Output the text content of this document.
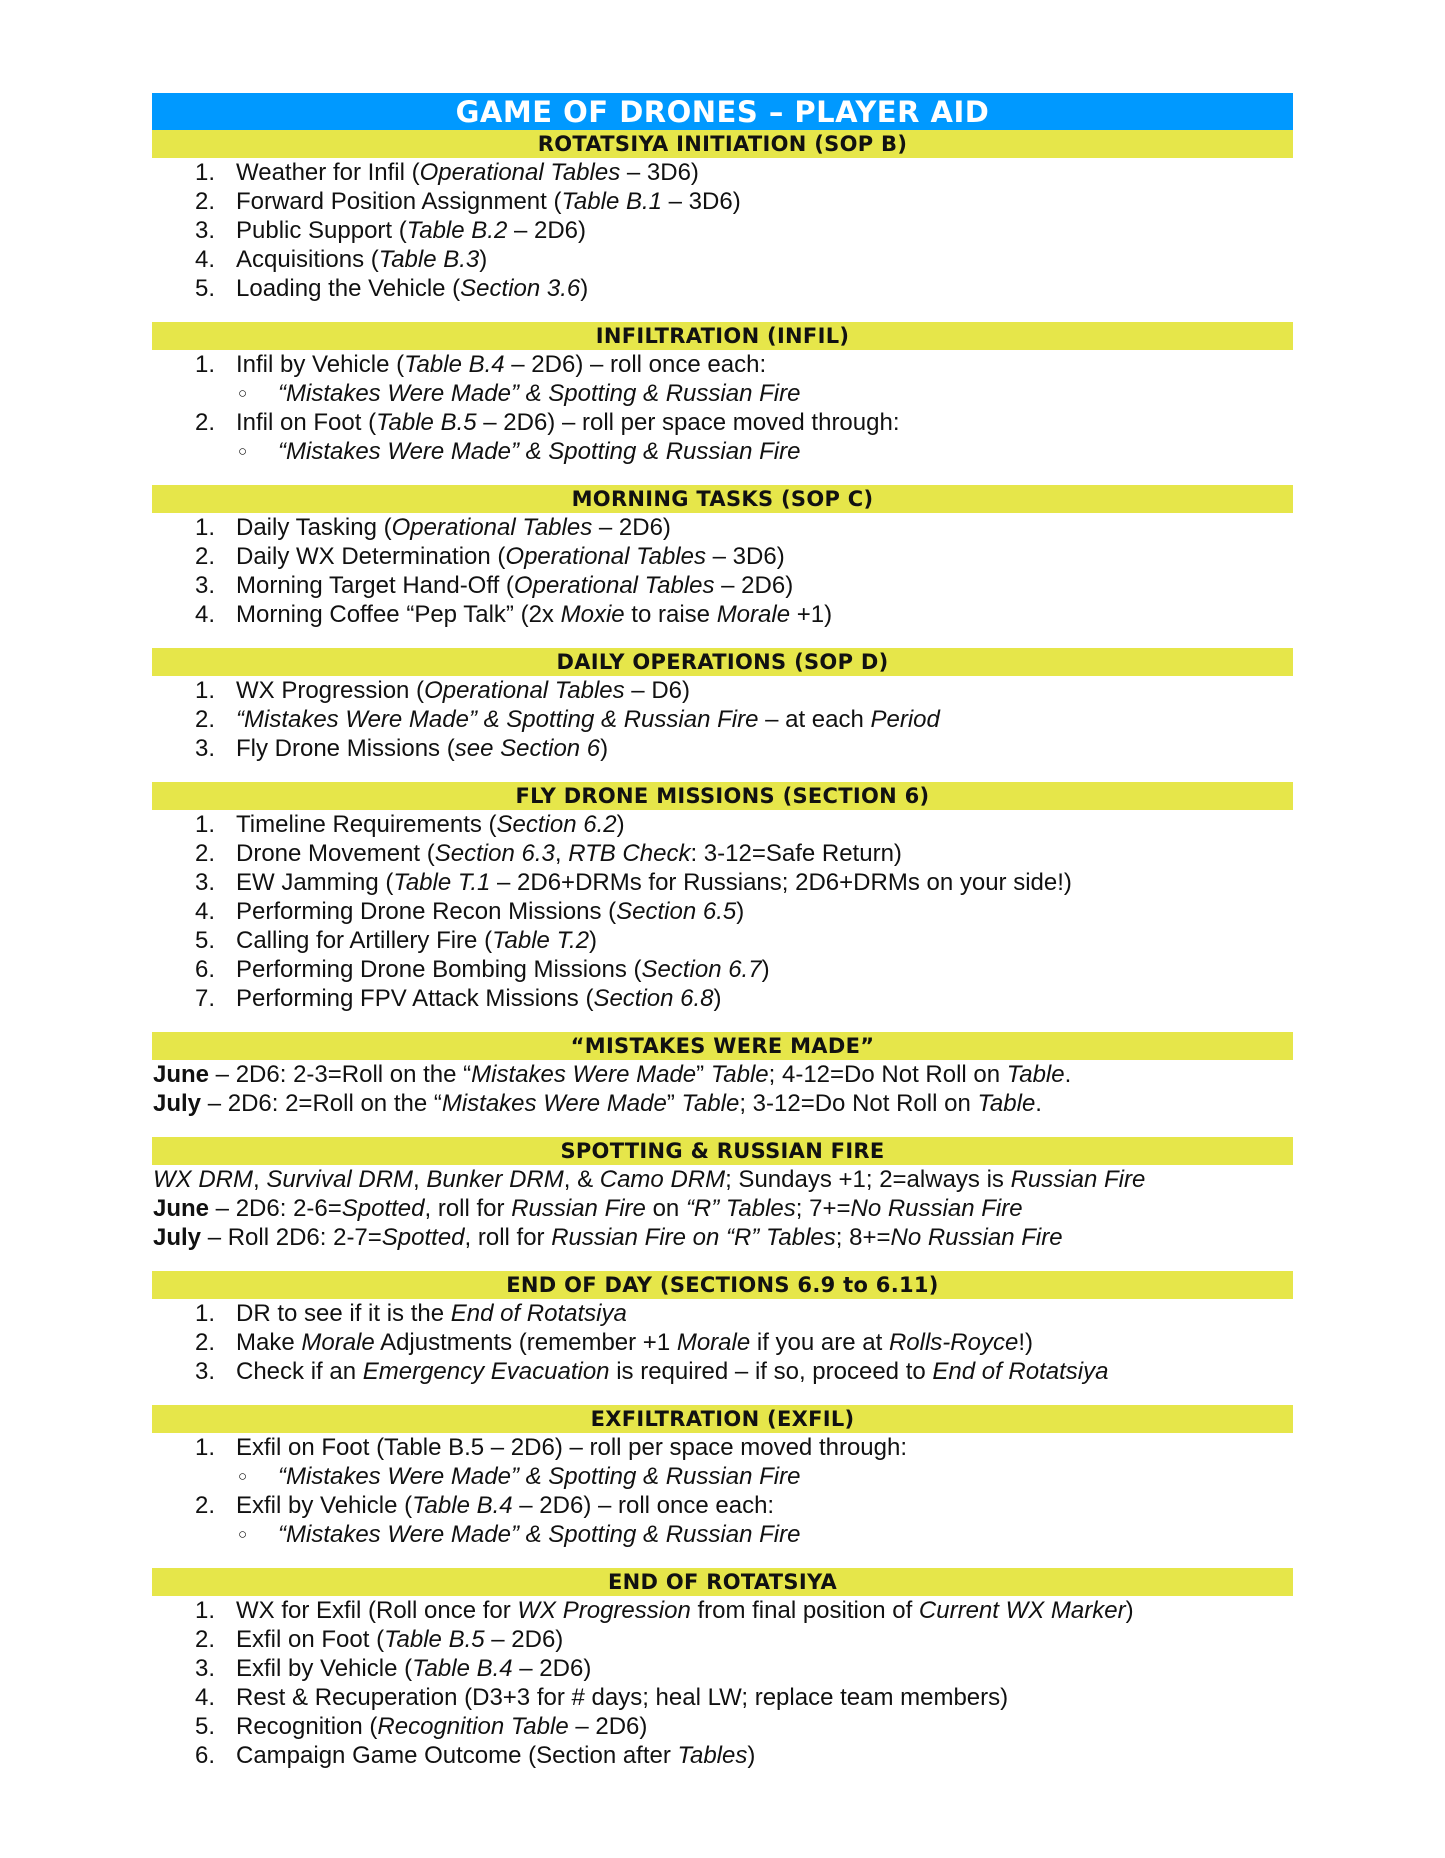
GAME OF DRONES – PLAYER AID
ROTATSIYA INITIATION (SOP B)
1. Weather for Infil (Operational Tables – 3D6)
2. Forward Position Assignment (Table B.1 – 3D6)
3. Public Support (Table B.2 – 2D6)
4. Acquisitions (Table B.3)
5. Loading the Vehicle (Section 3.6)
INFILTRATION (INFIL)
1. Infil by Vehicle (Table B.4 – 2D6) – roll once each:
○ “Mistakes Were Made” & Spotting & Russian Fire
2. Infil on Foot (Table B.5 – 2D6) – roll per space moved through:
○ “Mistakes Were Made” & Spotting & Russian Fire
MORNING TASKS (SOP C)
1. Daily Tasking (Operational Tables – 2D6)
2. Daily WX Determination (Operational Tables – 3D6)
3. Morning Target Hand-Off (Operational Tables – 2D6)
4. Morning Coffee “Pep Talk” (2x Moxie to raise Morale +1)
DAILY OPERATIONS (SOP D)
1. WX Progression (Operational Tables – D6)
2. “Mistakes Were Made” & Spotting & Russian Fire – at each Period
3. Fly Drone Missions (see Section 6)
FLY DRONE MISSIONS (SECTION 6)
1. Timeline Requirements (Section 6.2)
2. Drone Movement (Section 6.3, RTB Check: 3-12=Safe Return)
3. EW Jamming (Table T.1 – 2D6+DRMs for Russians; 2D6+DRMs on your side!)
4. Performing Drone Recon Missions (Section 6.5)
5. Calling for Artillery Fire (Table T.2)
6. Performing Drone Bombing Missions (Section 6.7)
7. Performing FPV Attack Missions (Section 6.8)
“MISTAKES WERE MADE”
June – 2D6: 2-3=Roll on the “Mistakes Were Made” Table; 4-12=Do Not Roll on Table.
July – 2D6: 2=Roll on the “Mistakes Were Made” Table; 3-12=Do Not Roll on Table.
SPOTTING & RUSSIAN FIRE
WX DRM, Survival DRM, Bunker DRM, & Camo DRM; Sundays +1; 2=always is Russian Fire
June – 2D6: 2-6=Spotted, roll for Russian Fire on “R” Tables; 7+=No Russian Fire
July – Roll 2D6: 2-7=Spotted, roll for Russian Fire on “R” Tables; 8+=No Russian Fire
END OF DAY (SECTIONS 6.9 to 6.11)
1. DR to see if it is the End of Rotatsiya
2. Make Morale Adjustments (remember +1 Morale if you are at Rolls-Royce!)
3. Check if an Emergency Evacuation is required – if so, proceed to End of Rotatsiya
EXFILTRATION (EXFIL)
1. Exfil on Foot (Table B.5 – 2D6) – roll per space moved through:
○ “Mistakes Were Made” & Spotting & Russian Fire
2. Exfil by Vehicle (Table B.4 – 2D6) – roll once each:
○ “Mistakes Were Made” & Spotting & Russian Fire
END OF ROTATSIYA
1. WX for Exfil (Roll once for WX Progression from final position of Current WX Marker)
2. Exfil on Foot (Table B.5 – 2D6)
3. Exfil by Vehicle (Table B.4 – 2D6)
4. Rest & Recuperation (D3+3 for # days; heal LW; replace team members)
5. Recognition (Recognition Table – 2D6)
6. Campaign Game Outcome (Section after Tables)
